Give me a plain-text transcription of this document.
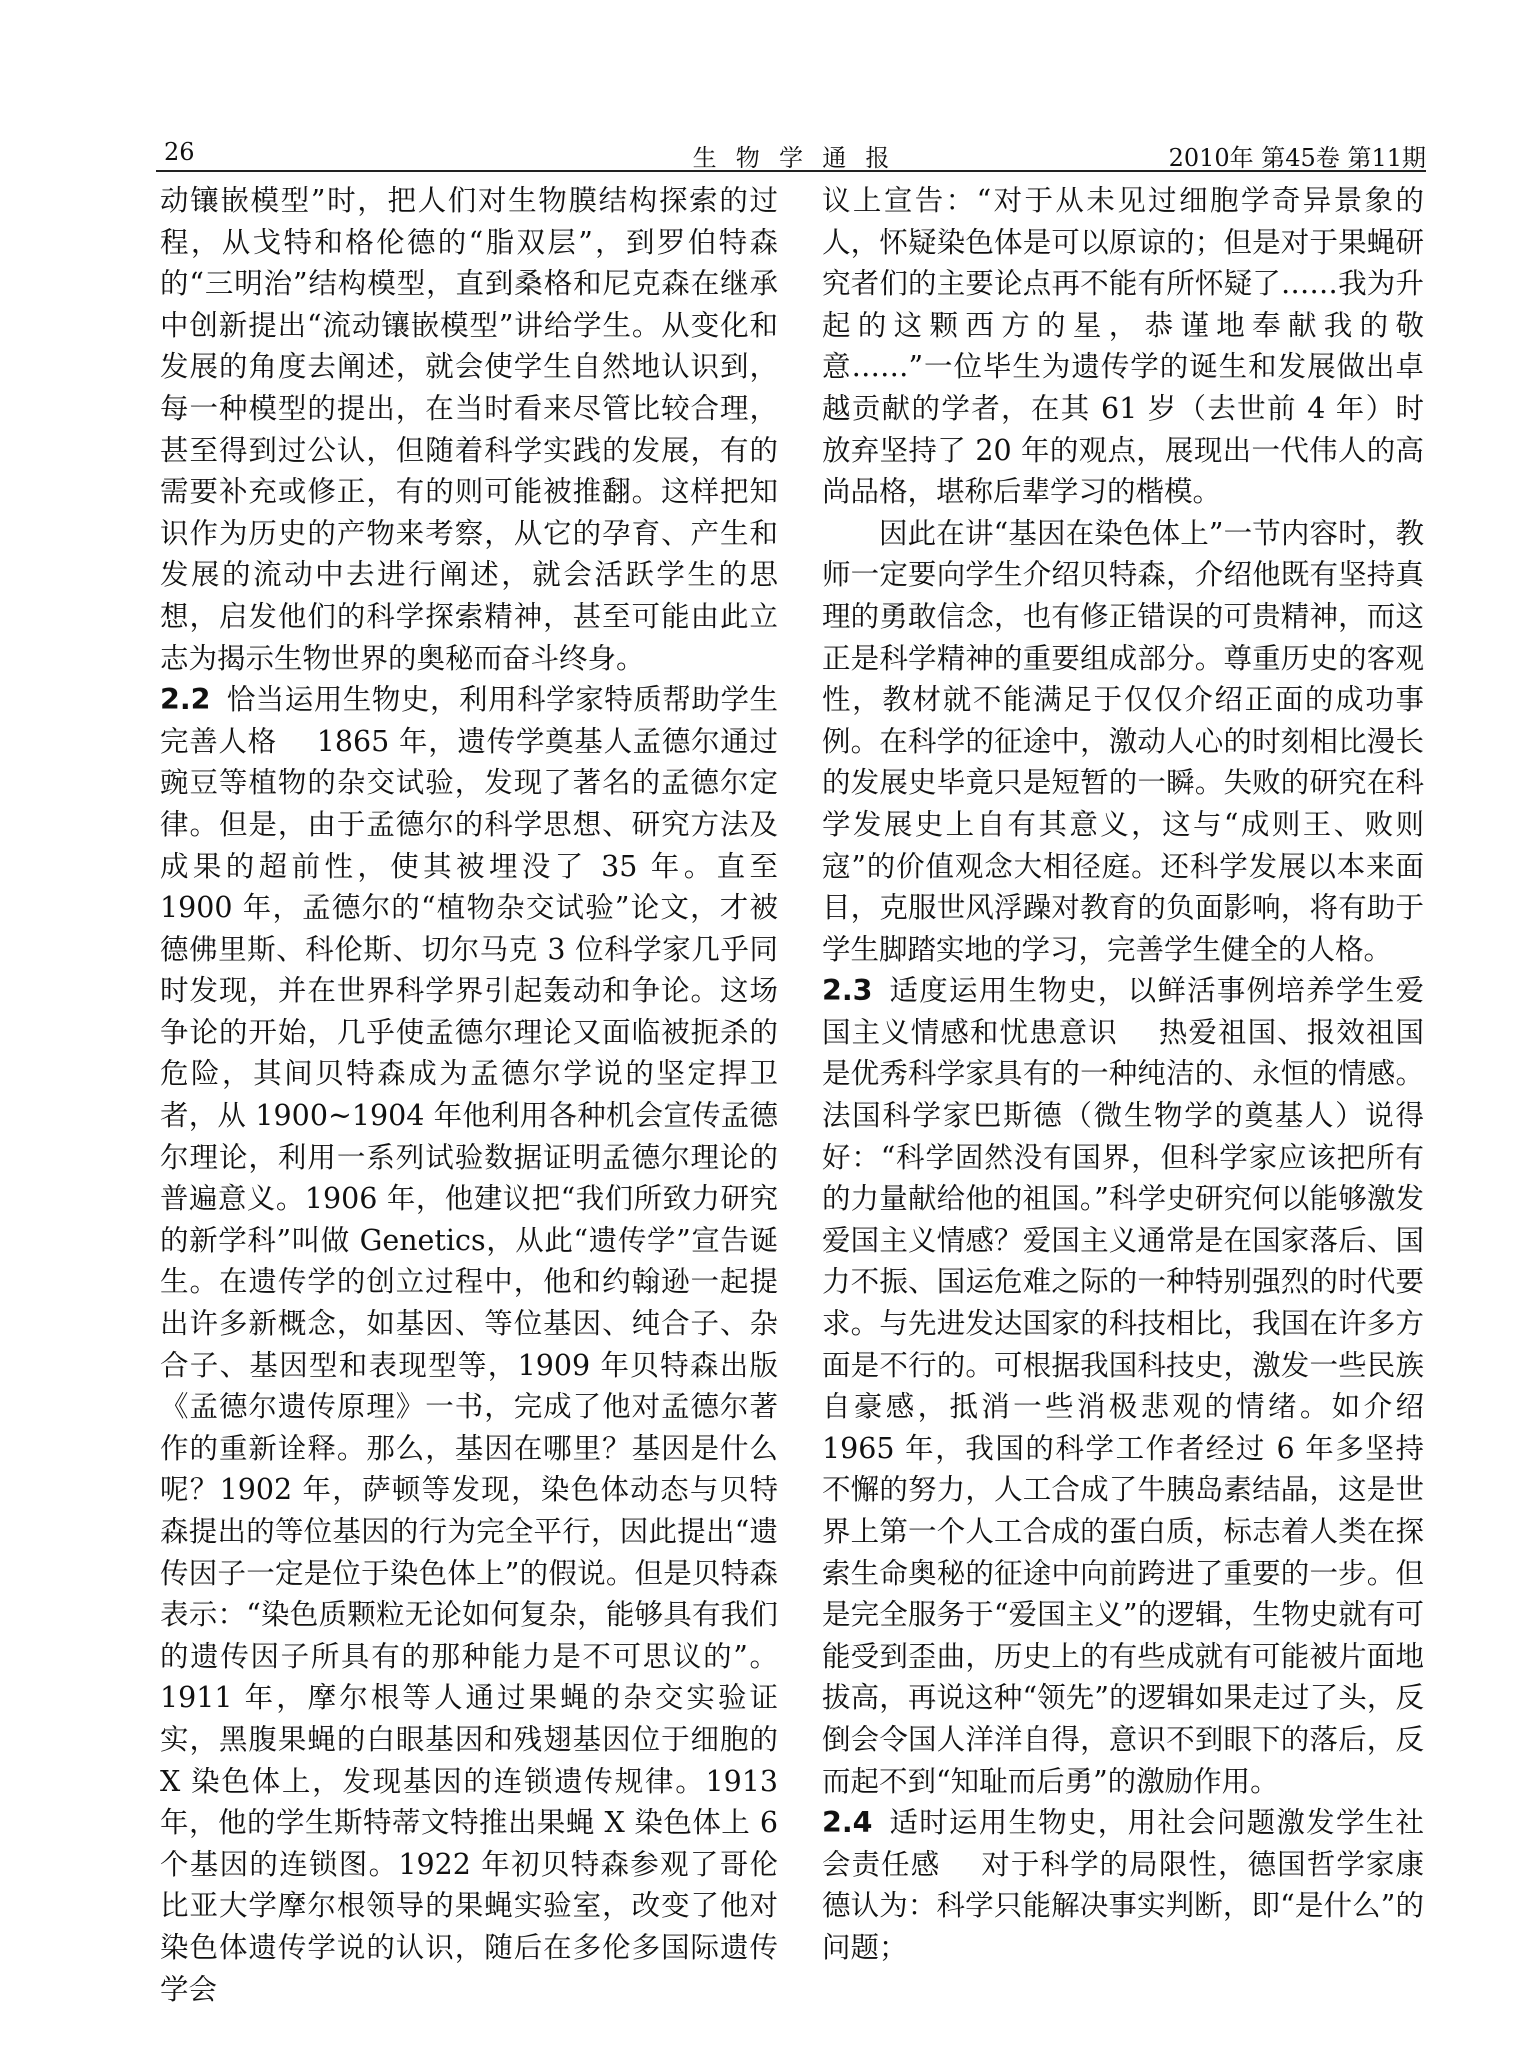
26	生物学通报	2010年 第45卷 第11期

动镶嵌模型”时，把人们对生物膜结构探索的过程，从戈特和格伦德的“脂双层”，到罗伯特森的“三明治”结构模型，直到桑格和尼克森在继承中创新提出“流动镶嵌模型”讲给学生。从变化和发展的角度去阐述，就会使学生自然地认识到，每一种模型的提出，在当时看来尽管比较合理，甚至得到过公认，但随着科学实践的发展，有的需要补充或修正，有的则可能被推翻。这样把知识作为历史的产物来考察，从它的孕育、产生和发展的流动中去进行阐述，就会活跃学生的思想，启发他们的科学探索精神，甚至可能由此立志为揭示生物世界的奥秘而奋斗终身。

2.2 恰当运用生物史，利用科学家特质帮助学生完善人格 1865 年，遗传学奠基人孟德尔通过豌豆等植物的杂交试验，发现了著名的孟德尔定律。但是，由于孟德尔的科学思想、研究方法及成果的超前性，使其被埋没了 35 年。直至 1900 年，孟德尔的“植物杂交试验”论文，才被德佛里斯、科伦斯、切尔马克 3 位科学家几乎同时发现，并在世界科学界引起轰动和争论。这场争论的开始，几乎使孟德尔理论又面临被扼杀的危险，其间贝特森成为孟德尔学说的坚定捍卫者，从 1900~1904 年他利用各种机会宣传孟德尔理论，利用一系列试验数据证明孟德尔理论的普遍意义。1906 年，他建议把“我们所致力研究的新学科”叫做 Genetics，从此“遗传学”宣告诞生。在遗传学的创立过程中，他和约翰逊一起提出许多新概念，如基因、等位基因、纯合子、杂合子、基因型和表现型等，1909 年贝特森出版《孟德尔遗传原理》一书，完成了他对孟德尔著作的重新诠释。那么，基因在哪里？基因是什么呢？1902 年，萨顿等发现，染色体动态与贝特森提出的等位基因的行为完全平行，因此提出“遗传因子一定是位于染色体上”的假说。但是贝特森表示：“染色质颗粒无论如何复杂，能够具有我们的遗传因子所具有的那种能力是不可思议的”。1911 年，摩尔根等人通过果蝇的杂交实验证实，黑腹果蝇的白眼基因和残翅基因位于细胞的 X 染色体上，发现基因的连锁遗传规律。1913 年，他的学生斯特蒂文特推出果蝇 X 染色体上 6 个基因的连锁图。1922 年初贝特森参观了哥伦比亚大学摩尔根领导的果蝇实验室，改变了他对染色体遗传学说的认识，随后在多伦多国际遗传学会

议上宣告：“对于从未见过细胞学奇异景象的人，怀疑染色体是可以原谅的；但是对于果蝇研究者们的主要论点再不能有所怀疑了……我为升起的这颗西方的星，恭谨地奉献我的敬意……”一位毕生为遗传学的诞生和发展做出卓越贡献的学者，在其 61 岁（去世前 4 年）时放弃坚持了 20 年的观点，展现出一代伟人的高尚品格，堪称后辈学习的楷模。

因此在讲“基因在染色体上”一节内容时，教师一定要向学生介绍贝特森，介绍他既有坚持真理的勇敢信念，也有修正错误的可贵精神，而这正是科学精神的重要组成部分。尊重历史的客观性，教材就不能满足于仅仅介绍正面的成功事例。在科学的征途中，激动人心的时刻相比漫长的发展史毕竟只是短暂的一瞬。失败的研究在科学发展史上自有其意义，这与“成则王、败则寇”的价值观念大相径庭。还科学发展以本来面目，克服世风浮躁对教育的负面影响，将有助于学生脚踏实地的学习，完善学生健全的人格。

2.3 适度运用生物史，以鲜活事例培养学生爱国主义情感和忧患意识 热爱祖国、报效祖国是优秀科学家具有的一种纯洁的、永恒的情感。法国科学家巴斯德（微生物学的奠基人）说得好：“科学固然没有国界，但科学家应该把所有的力量献给他的祖国。”科学史研究何以能够激发爱国主义情感？爱国主义通常是在国家落后、国力不振、国运危难之际的一种特别强烈的时代要求。与先进发达国家的科技相比，我国在许多方面是不行的。可根据我国科技史，激发一些民族自豪感，抵消一些消极悲观的情绪。如介绍 1965 年，我国的科学工作者经过 6 年多坚持不懈的努力，人工合成了牛胰岛素结晶，这是世界上第一个人工合成的蛋白质，标志着人类在探索生命奥秘的征途中向前跨进了重要的一步。但是完全服务于“爱国主义”的逻辑，生物史就有可能受到歪曲，历史上的有些成就有可能被片面地拔高，再说这种“领先”的逻辑如果走过了头，反倒会令国人洋洋自得，意识不到眼下的落后，反而起不到“知耻而后勇”的激励作用。

2.4 适时运用生物史，用社会问题激发学生社会责任感 对于科学的局限性，德国哲学家康德认为：科学只能解决事实判断，即“是什么”的问题；
